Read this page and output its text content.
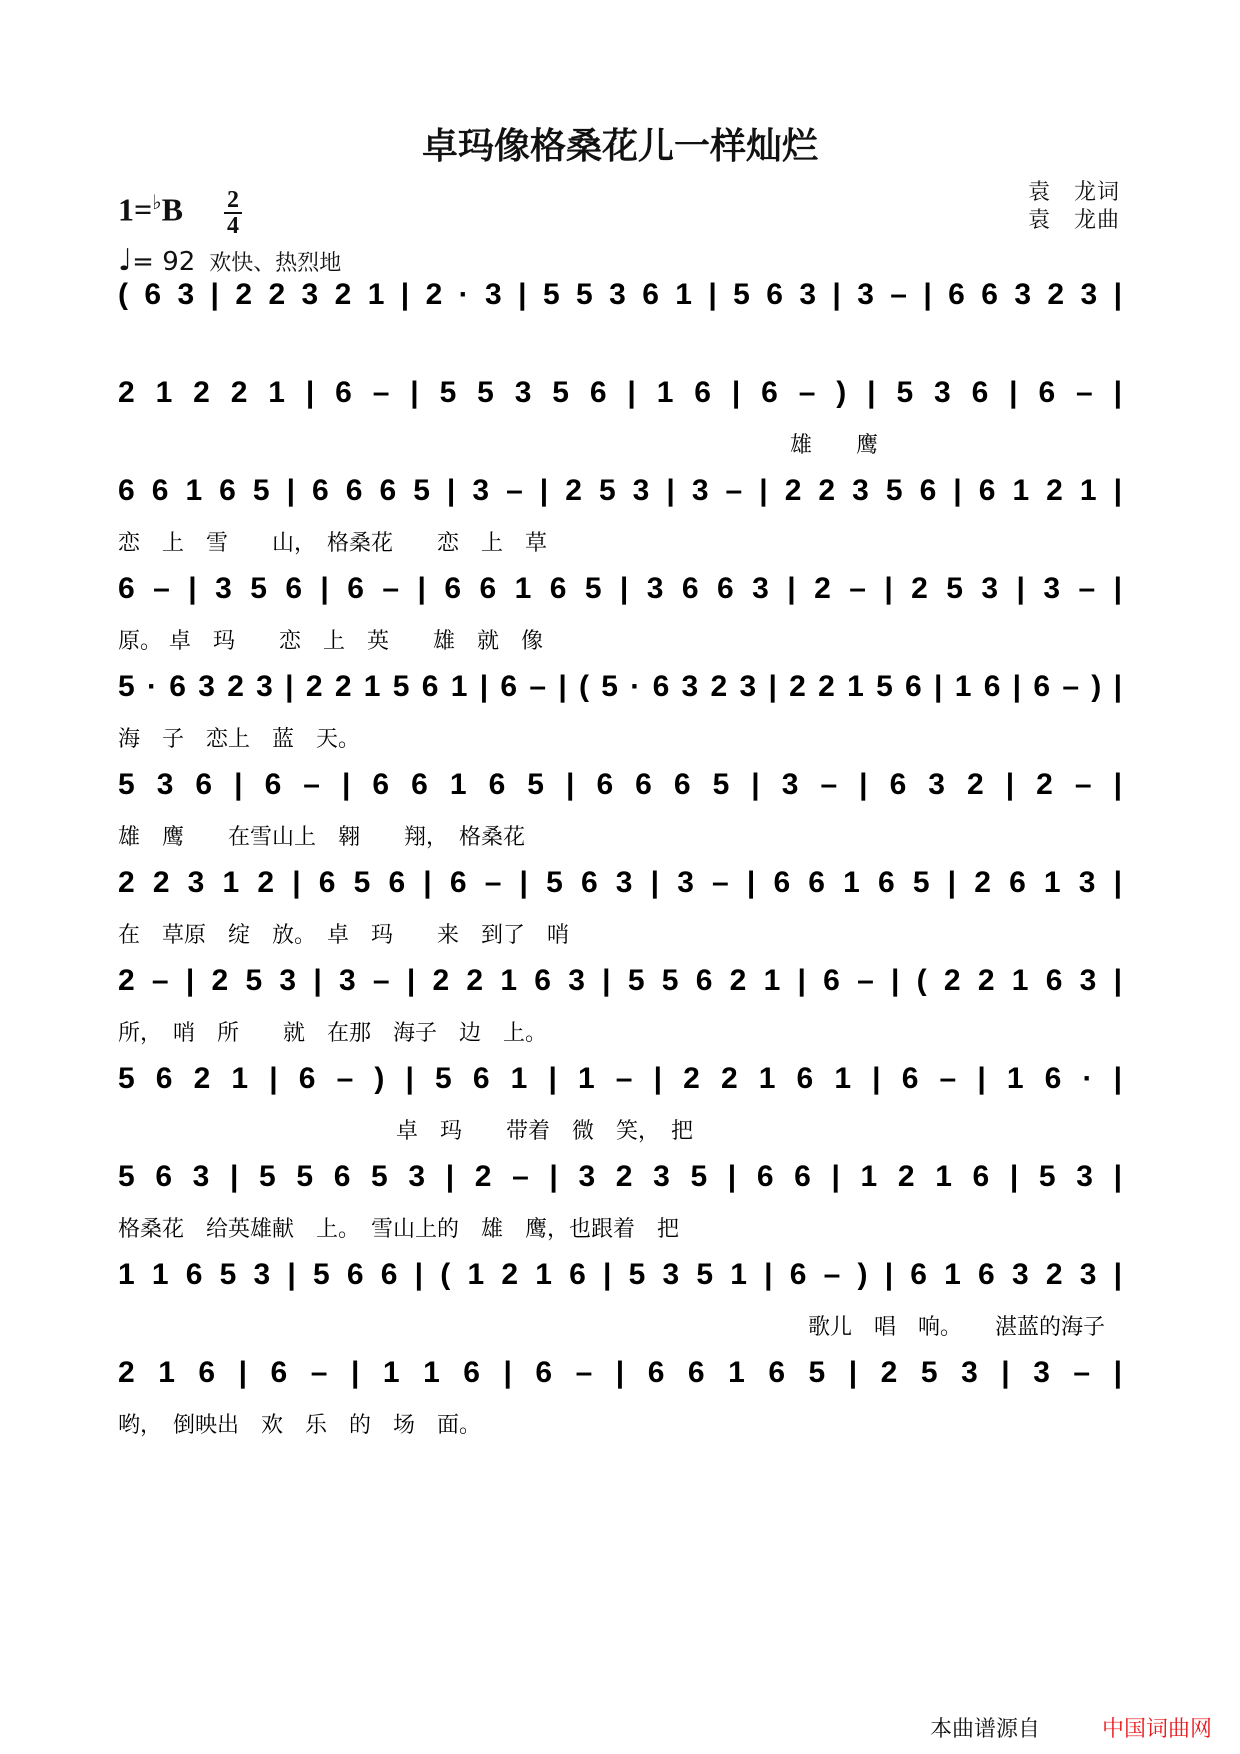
卓玛像格桑花儿一样灿烂
1=♭B 2
4
♩= 92 欢快、热烈地
袁　龙词
袁　龙曲
( 6 3 | 2 2 3 2 1 | 2 · 3 | 5 5 3 6 1 | 5 6 3 | 3 – | 6 6 3 2 3 |
2 1 2 2 1 | 6 – | 5 5 3 5 6 | 1 6 | 6 – ) | 5 3 6 | 6 – |
雄　　鹰
6 6 1 6 5 | 6 6 6 5 | 3 – | 2 5 3 | 3 – | 2 2 3 5 6 | 6 1 2 1 |
恋　上　雪　　山，　格桑花　　恋　上　草
6 – | 3 5 6 | 6 – | 6 6 1 6 5 | 3 6 6 3 | 2 – | 2 5 3 | 3 – |
原。 卓　玛　　恋　上　英　　雄　就　像
5 · 6 3 2 3 | 2 2 1 5 6 1 | 6 – | ( 5 · 6 3 2 3 | 2 2 1 5 6 | 1 6 | 6 – ) |
海　子　恋上　蓝　天。
5 3 6 | 6 – | 6 6 1 6 5 | 6 6 6 5 | 3 – | 6 3 2 | 2 – |
雄　鹰　　在雪山上　翱　　翔，　格桑花
2 2 3 1 2 | 6 5 6 | 6 – | 5 6 3 | 3 – | 6 6 1 6 5 | 2 6 1 3 |
在　草原　绽　放。　卓　玛　　来　到了　哨
2 – | 2 5 3 | 3 – | 2 2 1 6 3 | 5 5 6 2 1 | 6 – | ( 2 2 1 6 3 |
所，　哨　所　　就　在那　海子　边　上。
5 6 2 1 | 6 – ) | 5 6 1 | 1 – | 2 2 1 6 1 | 6 – | 1 6 · |
卓　玛　　带着　微　笑，　把
5 6 3 | 5 5 6 5 3 | 2 – | 3 2 3 5 | 6 6 | 1 2 1 6 | 5 3 |
格桑花　给英雄献　上。　雪山上的　雄　鹰，也跟着　把
1 1 6 5 3 | 5 6 6 | ( 1 2 1 6 | 5 3 5 1 | 6 – ) | 6 1 6 3 2 3 |
歌儿　唱　响。　　湛蓝的海子
2 1 6 | 6 – | 1 1 6 | 6 – | 6 6 1 6 5 | 2 5 3 | 3 – |
哟，　倒映出　欢　乐　的　场　面。
本曲谱源自	中国词曲网
